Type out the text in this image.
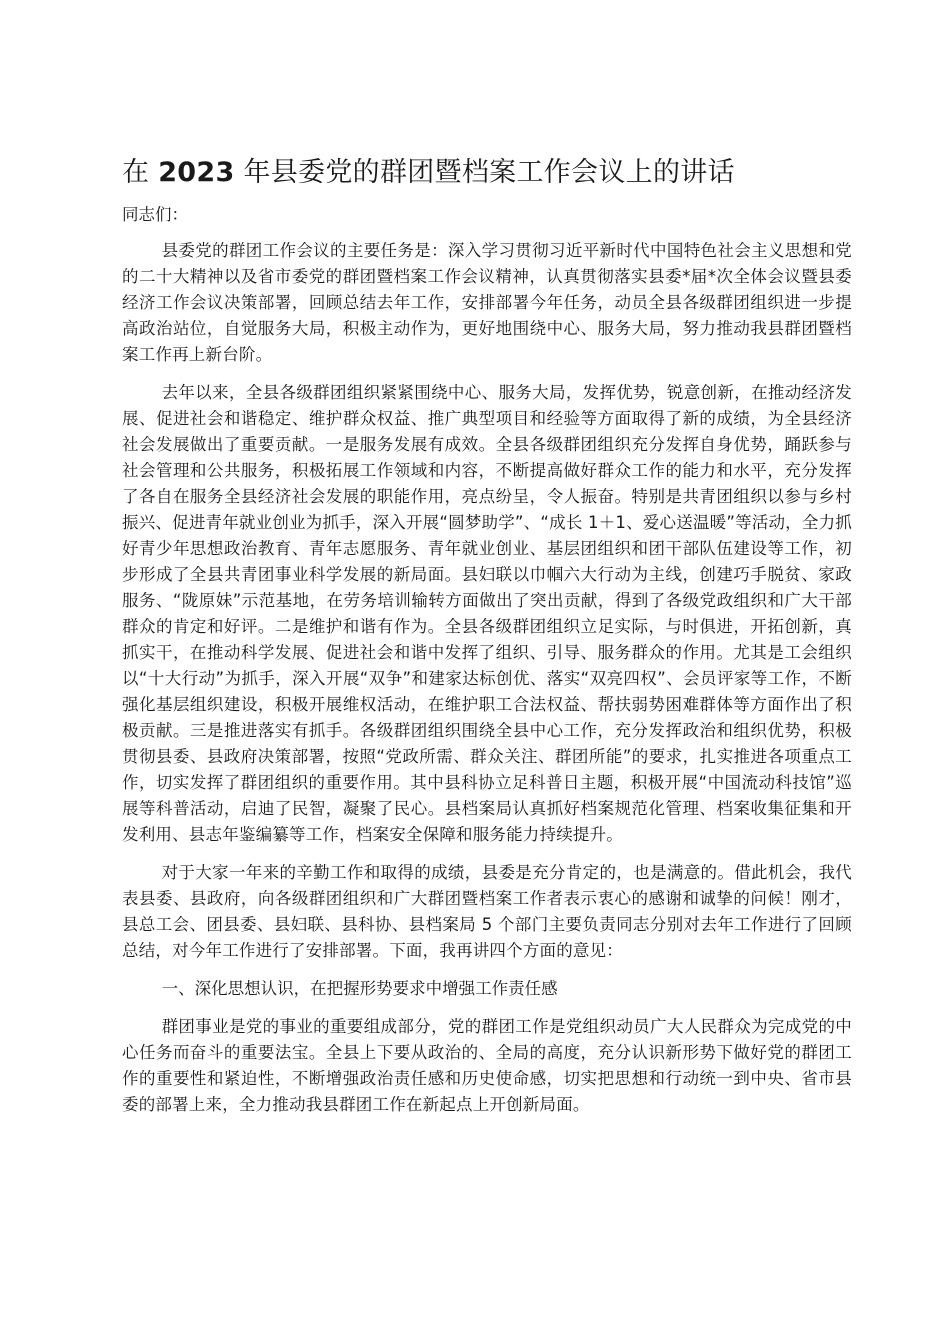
在 2023 年县委党的群团暨档案工作会议上的讲话

同志们：

县委党的群团工作会议的主要任务是：深入学习贯彻习近平新时代中国特色社会主义思想和党的二十大精神以及省市委党的群团暨档案工作会议精神，认真贯彻落实县委*届*次全体会议暨县委经济工作会议决策部署，回顾总结去年工作，安排部署今年任务，动员全县各级群团组织进一步提高政治站位，自觉服务大局，积极主动作为，更好地围绕中心、服务大局，努力推动我县群团暨档案工作再上新台阶。

去年以来，全县各级群团组织紧紧围绕中心、服务大局，发挥优势，锐意创新，在推动经济发展、促进社会和谐稳定、维护群众权益、推广典型项目和经验等方面取得了新的成绩，为全县经济社会发展做出了重要贡献。一是服务发展有成效。全县各级群团组织充分发挥自身优势，踊跃参与社会管理和公共服务，积极拓展工作领域和内容，不断提高做好群众工作的能力和水平，充分发挥了各自在服务全县经济社会发展的职能作用，亮点纷呈，令人振奋。特别是共青团组织以参与乡村振兴、促进青年就业创业为抓手，深入开展“圆梦助学”、“成长 1＋1、爱心送温暖”等活动，全力抓好青少年思想政治教育、青年志愿服务、青年就业创业、基层团组织和团干部队伍建设等工作，初步形成了全县共青团事业科学发展的新局面。县妇联以巾帼六大行动为主线，创建巧手脱贫、家政服务、“陇原妹”示范基地，在劳务培训输转方面做出了突出贡献，得到了各级党政组织和广大干部群众的肯定和好评。二是维护和谐有作为。全县各级群团组织立足实际，与时俱进，开拓创新，真抓实干，在推动科学发展、促进社会和谐中发挥了组织、引导、服务群众的作用。尤其是工会组织以“十大行动”为抓手，深入开展“双争”和建家达标创优、落实“双亮四权”、会员评家等工作，不断强化基层组织建设，积极开展维权活动，在维护职工合法权益、帮扶弱势困难群体等方面作出了积极贡献。三是推进落实有抓手。各级群团组织围绕全县中心工作，充分发挥政治和组织优势，积极贯彻县委、县政府决策部署，按照“党政所需、群众关注、群团所能”的要求，扎实推进各项重点工作，切实发挥了群团组织的重要作用。其中县科协立足科普日主题，积极开展“中国流动科技馆”巡展等科普活动，启迪了民智，凝聚了民心。县档案局认真抓好档案规范化管理、档案收集征集和开发利用、县志年鉴编纂等工作，档案安全保障和服务能力持续提升。

对于大家一年来的辛勤工作和取得的成绩，县委是充分肯定的，也是满意的。借此机会，我代表县委、县政府，向各级群团组织和广大群团暨档案工作者表示衷心的感谢和诚挚的问候！刚才，县总工会、团县委、县妇联、县科协、县档案局 5 个部门主要负责同志分别对去年工作进行了回顾总结，对今年工作进行了安排部署。下面，我再讲四个方面的意见：

一、深化思想认识，在把握形势要求中增强工作责任感

群团事业是党的事业的重要组成部分，党的群团工作是党组织动员广大人民群众为完成党的中心任务而奋斗的重要法宝。全县上下要从政治的、全局的高度，充分认识新形势下做好党的群团工作的重要性和紧迫性，不断增强政治责任感和历史使命感，切实把思想和行动统一到中央、省市县委的部署上来，全力推动我县群团工作在新起点上开创新局面。
